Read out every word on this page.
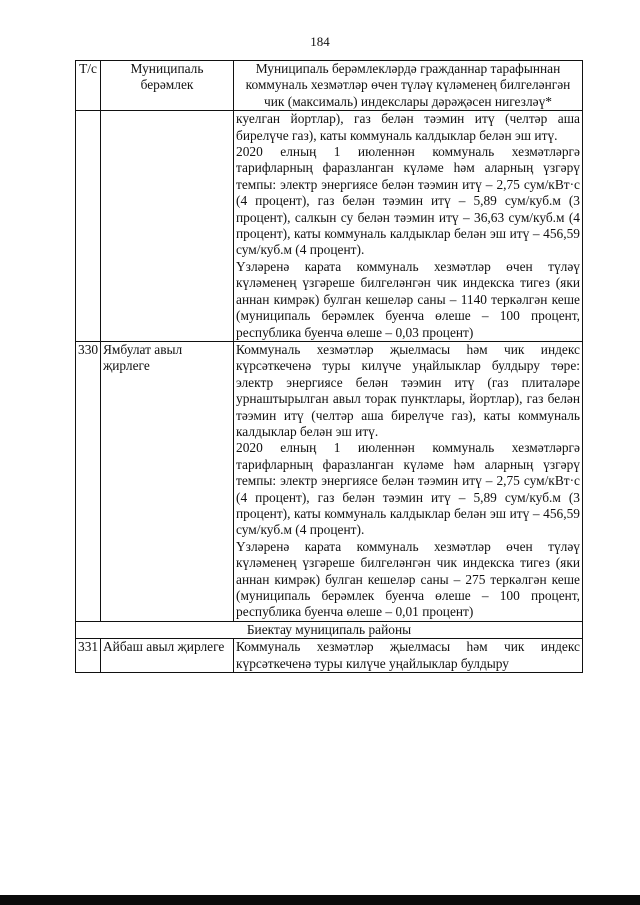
184
Т/с	Муниципаль берәмлек	Муниципаль берәмлекләрдә гражданнар тарафыннан коммуналь хезмәтләр өчен түләү күләменең билгеләнгән чик (максималь) индекслары дәрәҗәсен нигезләү*

		куелган йортлар), газ белән тәэмин итү (челтәр аша бирелүче газ), каты коммуналь калдыклар белән эш итү.

2020 елның 1 июленнән коммуналь хезмәтләргә тарифларның фаразланган күләме һәм аларның үзгәрү темпы: электр энергиясе белән тәэмин итү – 2,75 сум/кВт·с (4 процент), газ белән тәэмин итү – 5,89 сум/куб.м (3 процент), салкын су белән тәэмин итү – 36,63 сум/куб.м (4 процент), каты коммуналь калдыклар белән эш итү – 456,59 сум/куб.м (4 процент).

Үзләренә карата коммуналь хезмәтләр өчен түләү күләменең үзгәреше билгеләнгән чик индекска тигез (яки аннан кимрәк) булган кешеләр саны – 1140 теркәлгән кеше (муниципаль берәмлек буенча өлеше – 100 процент, республика буенча өлеше – 0,03 процент)

330	Ямбулат авыл җирлеге	Коммуналь хезмәтләр җыелмасы һәм чик индекс күрсәткеченә туры килүче уңайлыклар булдыру төре: электр энергиясе белән тәэмин итү (газ плиталәре урнаштырылган авыл торак пунктлары, йортлар), газ белән тәэмин итү (челтәр аша бирелүче газ), каты коммуналь калдыклар белән эш итү.

2020 елның 1 июленнән коммуналь хезмәтләргә тарифларның фаразланган күләме һәм аларның үзгәрү темпы: электр энергиясе белән тәэмин итү – 2,75 сум/кВт·с (4 процент), газ белән тәэмин итү – 5,89 сум/куб.м (3 процент), каты коммуналь калдыклар белән эш итү – 456,59 сум/куб.м (4 процент).

Үзләренә карата коммуналь хезмәтләр өчен түләү күләменең үзгәреше билгеләнгән чик индекска тигез (яки аннан кимрәк) булган кешеләр саны – 275 теркәлгән кеше (муниципаль берәмлек буенча өлеше – 100 процент, республика буенча өлеше – 0,01 процент)

Биектау муниципаль районы		
331	Айбаш авыл җирлеге	Коммуналь хезмәтләр җыелмасы һәм чик индекс күрсәткеченә туры килүче уңайлыклар булдыру
